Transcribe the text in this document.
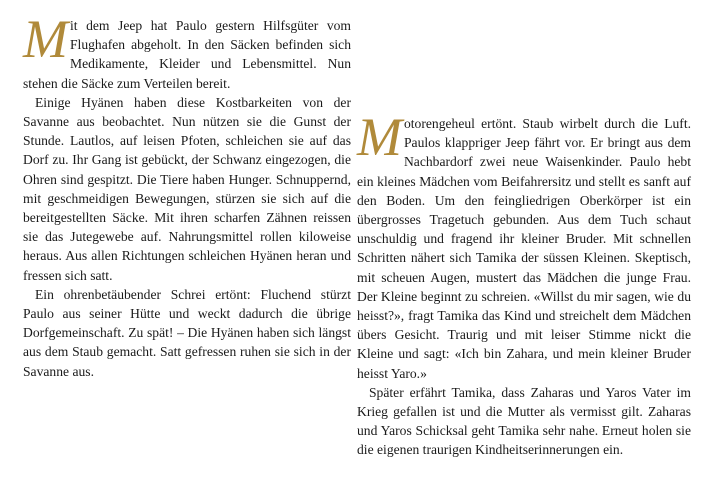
Mit dem Jeep hat Paulo gestern Hilfsgüter vom Flughafen abgeholt. In den Säcken befinden sich Medikamente, Kleider und Lebensmittel. Nun stehen die Säcke zum Verteilen bereit.

Einige Hyänen haben diese Kostbarkeiten von der Savanne aus beobachtet. Nun nützen sie die Gunst der Stunde. Lautlos, auf leisen Pfoten, schleichen sie auf das Dorf zu. Ihr Gang ist gebückt, der Schwanz eingezogen, die Ohren sind gespitzt. Die Tiere haben Hunger. Schnuppernd, mit geschmeidigen Bewegungen, stürzen sie sich auf die bereitgestellten Säcke. Mit ihren scharfen Zähnen reissen sie das Jutegewebe auf. Nahrungsmittel rollen kiloweise heraus. Aus allen Richtungen schleichen Hyänen heran und fressen sich satt.

Ein ohrenbetäubender Schrei ertönt: Fluchend stürzt Paulo aus seiner Hütte und weckt dadurch die übrige Dorfgemeinschaft. Zu spät! – Die Hyänen haben sich längst aus dem Staub gemacht. Satt gefressen ruhen sie sich in der Savanne aus.

Motorengeheul ertönt. Staub wirbelt durch die Luft. Paulos klappriger Jeep fährt vor. Er bringt aus dem Nachbardorf zwei neue Waisenkinder. Paulo hebt ein kleines Mädchen vom Beifahrersitz und stellt es sanft auf den Boden. Um den feingliedrigen Oberkörper ist ein übergrosses Tragetuch gebunden. Aus dem Tuch schaut unschuldig und fragend ihr kleiner Bruder. Mit schnellen Schritten nähert sich Tamika der süssen Kleinen. Skeptisch, mit scheuen Augen, mustert das Mädchen die junge Frau. Der Kleine beginnt zu schreien. «Willst du mir sagen, wie du heisst?», fragt Tamika das Kind und streichelt dem Mädchen übers Gesicht. Traurig und mit leiser Stimme nickt die Kleine und sagt: «Ich bin Zahara, und mein kleiner Bruder heisst Yaro.»

Später erfährt Tamika, dass Zaharas und Yaros Vater im Krieg gefallen ist und die Mutter als vermisst gilt. Zaharas und Yaros Schicksal geht Tamika sehr nahe. Erneut holen sie die eigenen traurigen Kindheitserinnerungen ein.
